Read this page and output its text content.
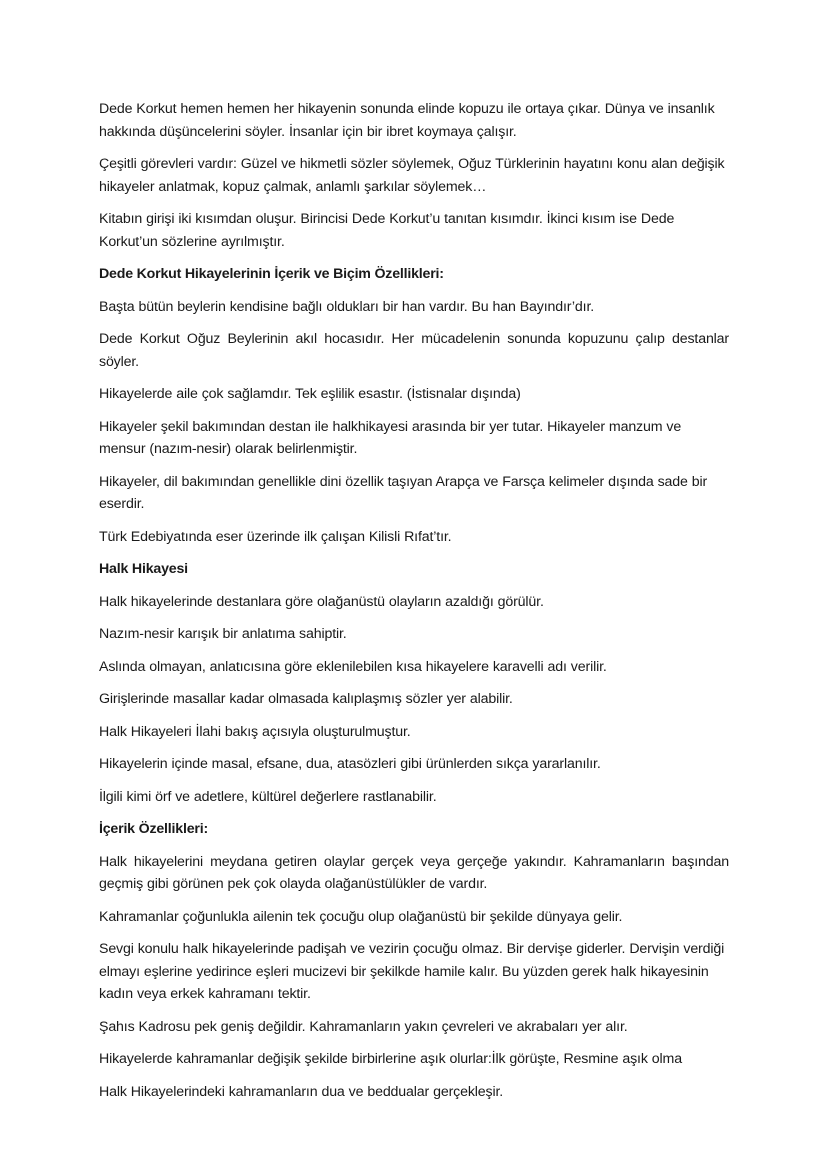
Dede Korkut hemen hemen her hikayenin sonunda elinde kopuzu ile ortaya çıkar. Dünya ve insanlık hakkında düşüncelerini söyler. İnsanlar için bir ibret koymaya çalışır.

Çeşitli görevleri vardır: Güzel ve hikmetli sözler söylemek, Oğuz Türklerinin hayatını konu alan değişik hikayeler anlatmak, kopuz çalmak, anlamlı şarkılar söylemek…

Kitabın girişi iki kısımdan oluşur. Birincisi Dede Korkut’u tanıtan kısımdır. İkinci kısım ise Dede Korkut’un sözlerine ayrılmıştır.

Dede Korkut Hikayelerinin İçerik ve Biçim Özellikleri:

Başta bütün beylerin kendisine bağlı oldukları bir han vardır. Bu han Bayındır’dır.

Dede Korkut Oğuz Beylerinin akıl hocasıdır. Her mücadelenin sonunda kopuzunu çalıp destanlar söyler.

Hikayelerde aile çok sağlamdır. Tek eşlilik esastır. (İstisnalar dışında)

Hikayeler şekil bakımından destan ile halkhikayesi arasında bir yer tutar. Hikayeler manzum ve mensur (nazım-nesir) olarak belirlenmiştir.

Hikayeler, dil bakımından genellikle dini özellik taşıyan Arapça ve Farsça kelimeler dışında sade bir eserdir.

Türk Edebiyatında eser üzerinde ilk çalışan Kilisli Rıfat’tır.

Halk Hikayesi

Halk hikayelerinde destanlara göre olağanüstü olayların azaldığı görülür.

Nazım-nesir karışık bir anlatıma sahiptir.

Aslında olmayan, anlatıcısına göre eklenilebilen kısa hikayelere karavelli adı verilir.

Girişlerinde masallar kadar olmasada kalıplaşmış sözler yer alabilir.

Halk Hikayeleri İlahi bakış açısıyla oluşturulmuştur.

Hikayelerin içinde masal, efsane, dua, atasözleri gibi ürünlerden sıkça yararlanılır.

İlgili kimi örf ve adetlere, kültürel değerlere rastlanabilir.

İçerik Özellikleri:

Halk hikayelerini meydana getiren olaylar gerçek veya gerçeğe yakındır. Kahramanların başından geçmiş gibi görünen pek çok olayda olağanüstülükler de vardır.

Kahramanlar çoğunlukla ailenin tek çocuğu olup olağanüstü bir şekilde dünyaya gelir.

Sevgi konulu halk hikayelerinde padişah ve vezirin çocuğu olmaz. Bir dervişe giderler. Dervişin verdiği elmayı eşlerine yedirince eşleri mucizevi bir şekilkde hamile kalır. Bu yüzden gerek halk hikayesinin kadın veya erkek kahramanı tektir.

Şahıs Kadrosu pek geniş değildir. Kahramanların yakın çevreleri ve akrabaları yer alır.

Hikayelerde kahramanlar değişik şekilde birbirlerine aşık olurlar:İlk görüşte, Resmine aşık olma

Halk Hikayelerindeki kahramanların dua ve beddualar gerçekleşir.
